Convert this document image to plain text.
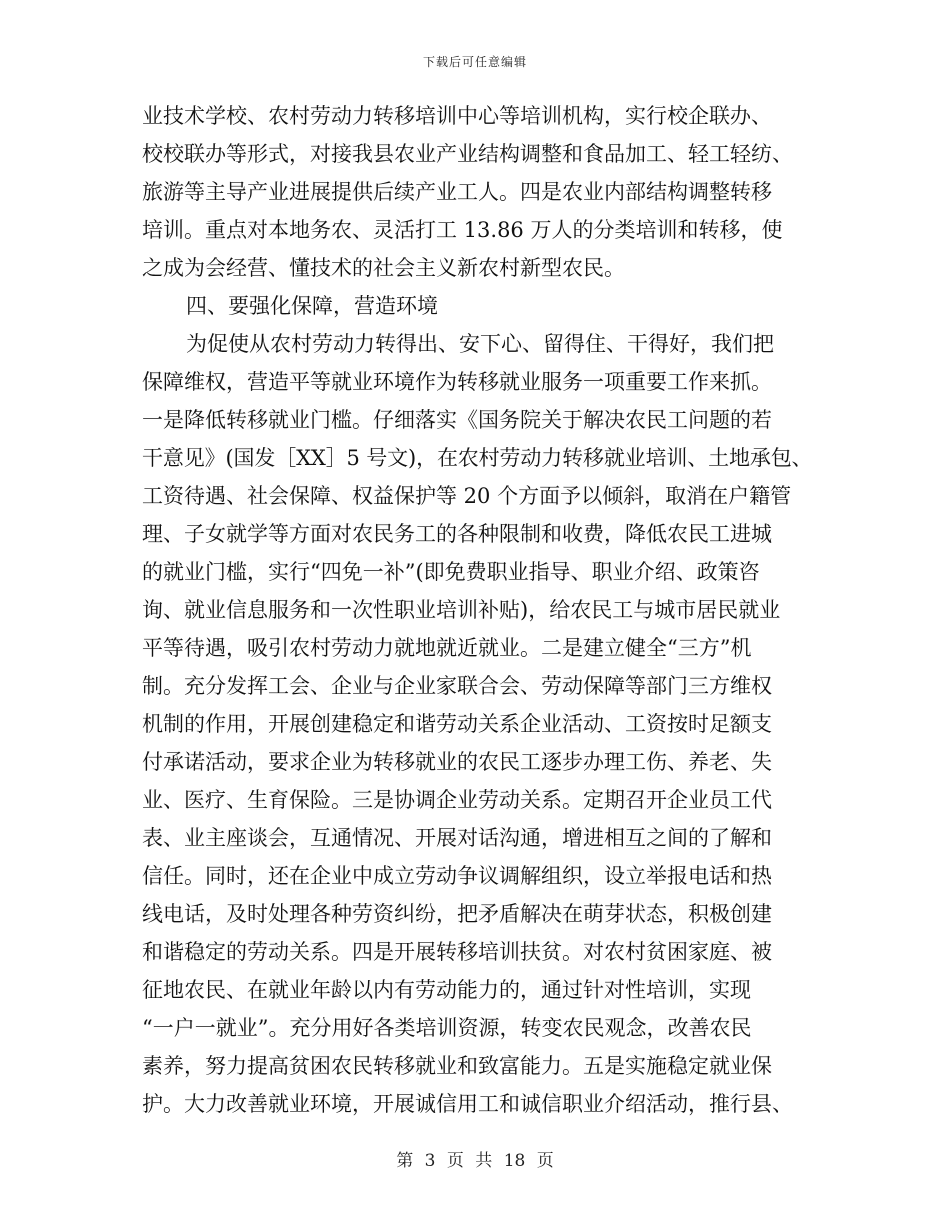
下载后可任意编辑
业技术学校、农村劳动力转移培训中心等培训机构，实行校企联办、
校校联办等形式，对接我县农业产业结构调整和食品加工、轻工轻纺、
旅游等主导产业进展提供后续产业工人。四是农业内部结构调整转移
培训。重点对本地务农、灵活打工 13.86 万人的分类培训和转移，使
之成为会经营、懂技术的社会主义新农村新型农民。
四、要强化保障，营造环境
为促使从农村劳动力转得出、安下心、留得住、干得好，我们把
保障维权，营造平等就业环境作为转移就业服务一项重要工作来抓。
一是降低转移就业门槛。仔细落实《国务院关于解决农民工问题的若
干意见》(国发［XX］5 号文)，在农村劳动力转移就业培训、土地承包、
工资待遇、社会保障、权益保护等 20 个方面予以倾斜，取消在户籍管
理、子女就学等方面对农民务工的各种限制和收费，降低农民工进城
的就业门槛，实行“四免一补”(即免费职业指导、职业介绍、政策咨
询、就业信息服务和一次性职业培训补贴)，给农民工与城市居民就业
平等待遇，吸引农村劳动力就地就近就业。二是建立健全“三方”机
制。充分发挥工会、企业与企业家联合会、劳动保障等部门三方维权
机制的作用，开展创建稳定和谐劳动关系企业活动、工资按时足额支
付承诺活动，要求企业为转移就业的农民工逐步办理工伤、养老、失
业、医疗、生育保险。三是协调企业劳动关系。定期召开企业员工代
表、业主座谈会，互通情况、开展对话沟通，增进相互之间的了解和
信任。同时，还在企业中成立劳动争议调解组织，设立举报电话和热
线电话，及时处理各种劳资纠纷，把矛盾解决在萌芽状态，积极创建
和谐稳定的劳动关系。四是开展转移培训扶贫。对农村贫困家庭、被
征地农民、在就业年龄以内有劳动能力的，通过针对性培训，实现
“一户一就业”。充分用好各类培训资源，转变农民观念，改善农民
素养，努力提高贫困农民转移就业和致富能力。五是实施稳定就业保
护。大力改善就业环境，开展诚信用工和诚信职业介绍活动，推行县、
第 3 页 共 18 页
